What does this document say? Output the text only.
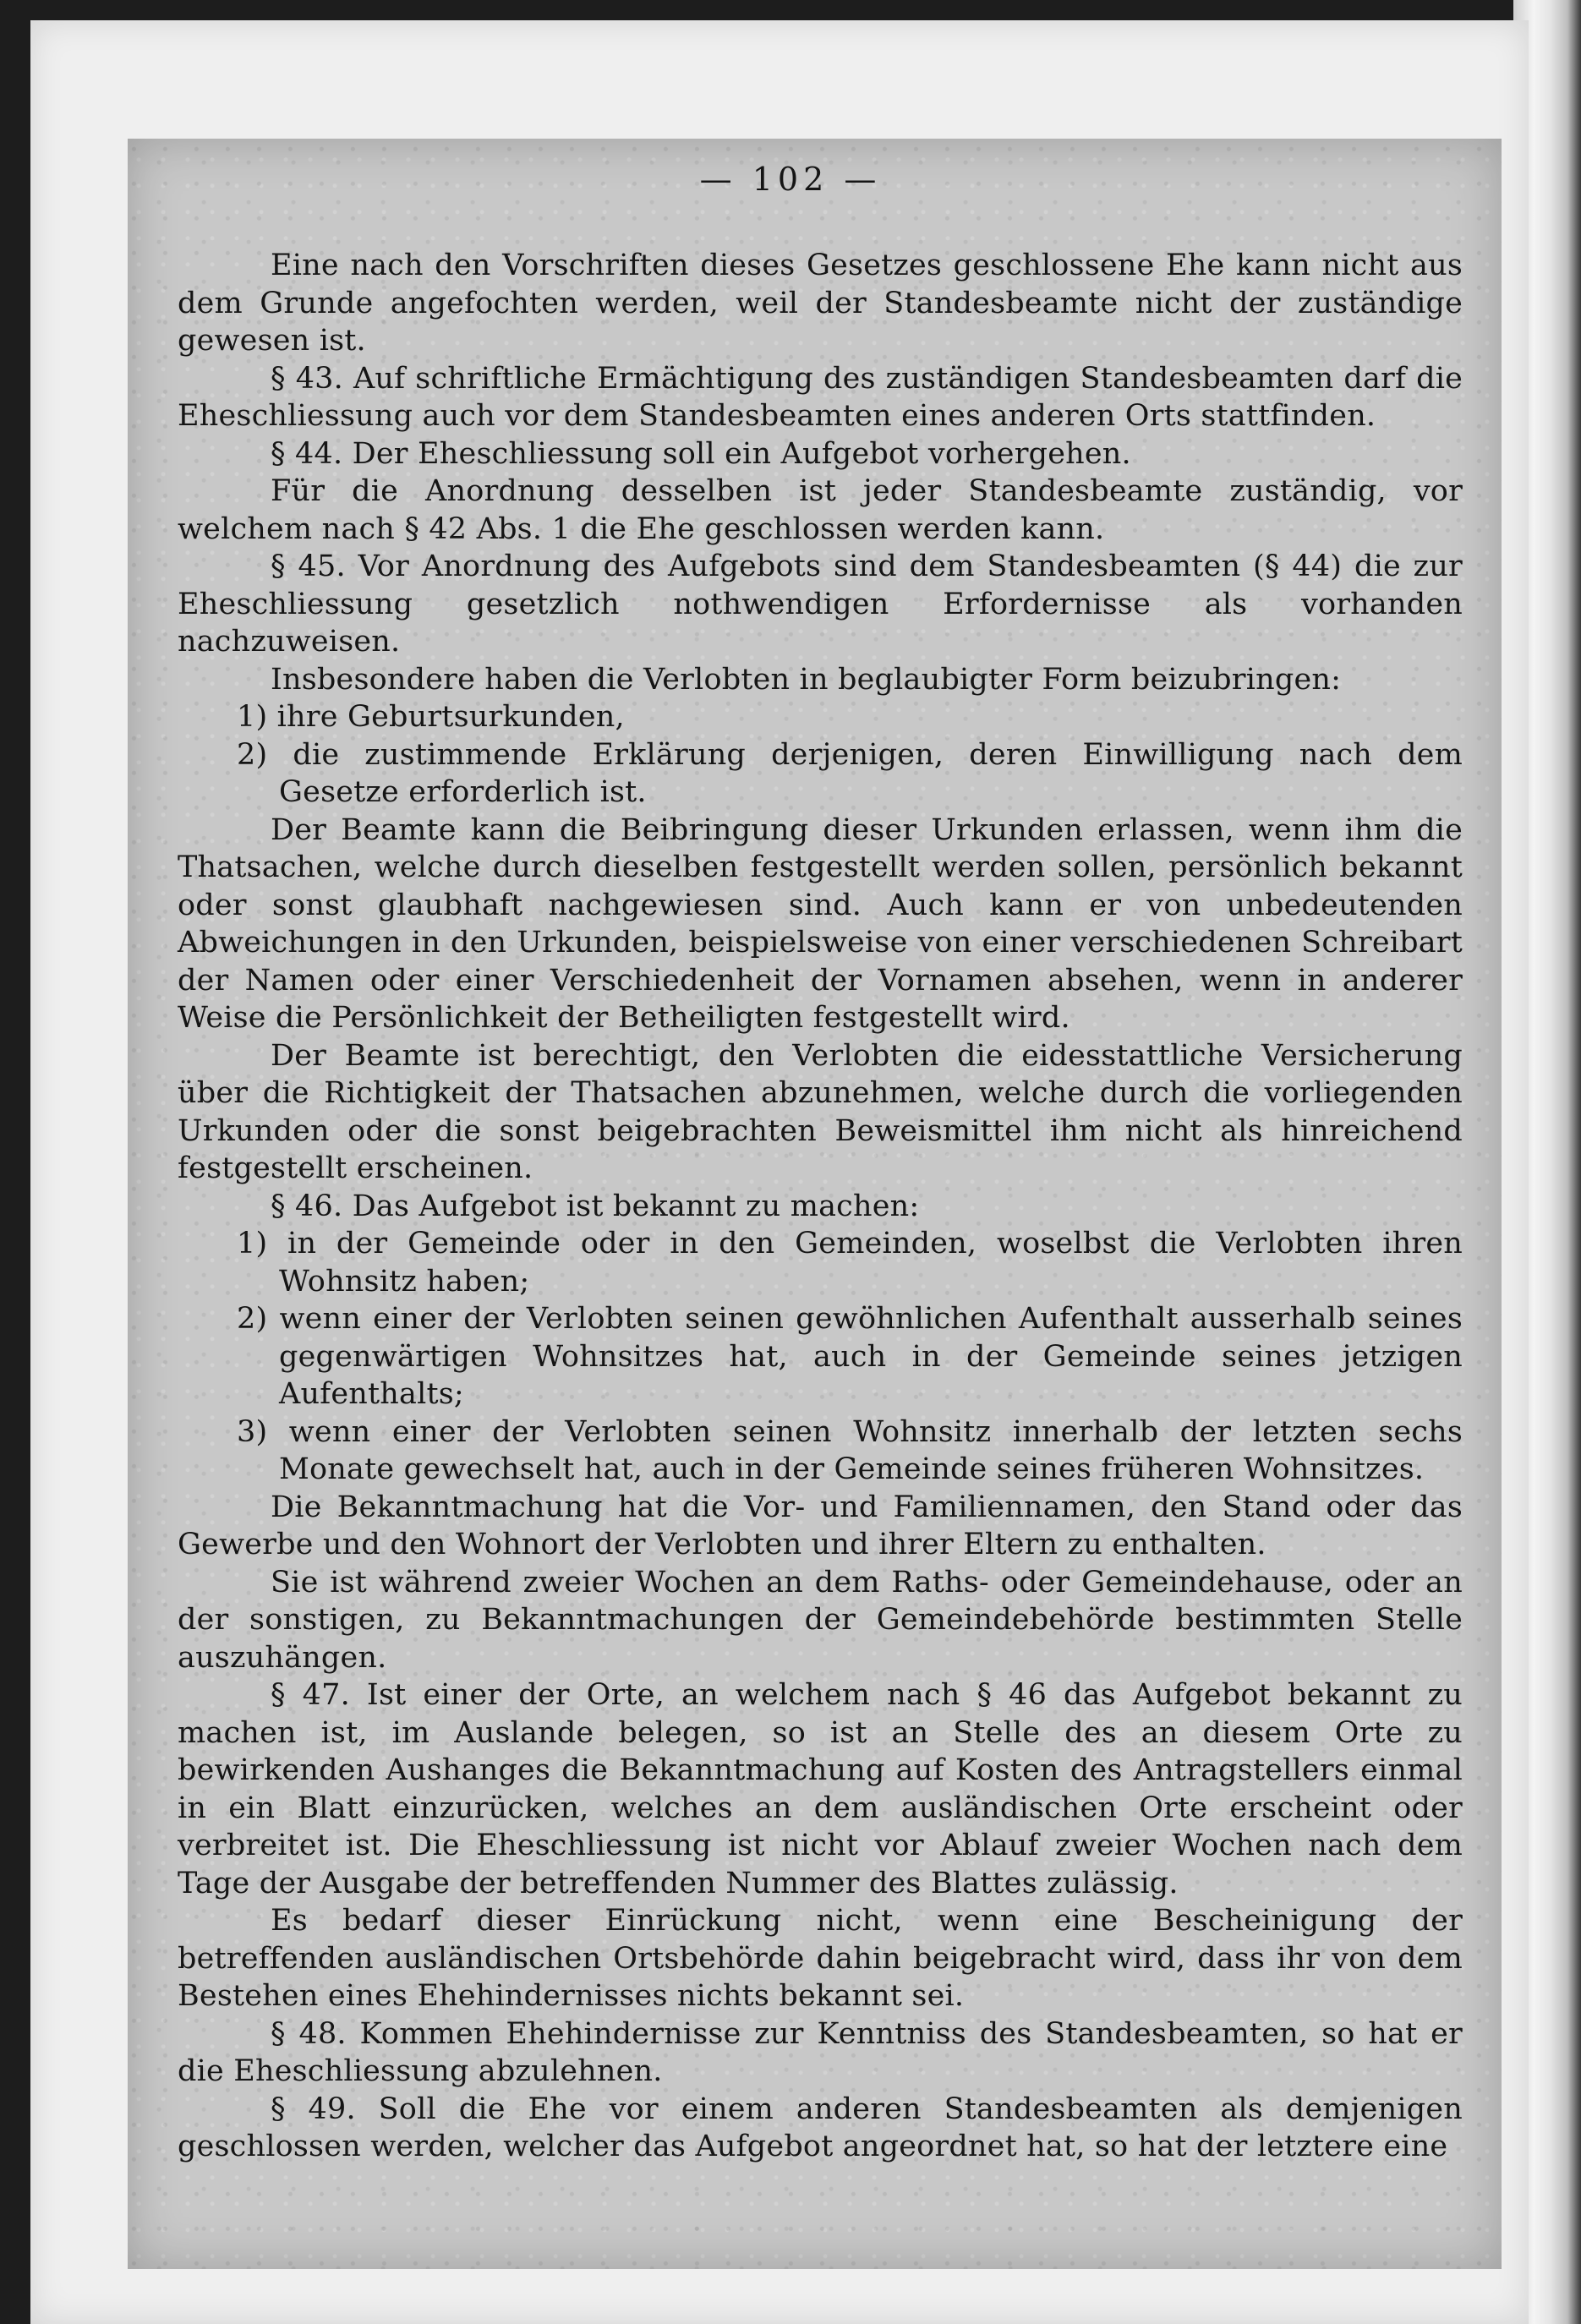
— 102 —

Eine nach den Vorschriften dieses Gesetzes geschlossene Ehe kann nicht aus dem Grunde angefochten werden, weil der Standesbeamte nicht der zuständige gewesen ist.

§ 43. Auf schriftliche Ermächtigung des zuständigen Standesbeamten darf die Eheschliessung auch vor dem Standesbeamten eines anderen Orts stattfinden.

§ 44. Der Eheschliessung soll ein Aufgebot vorhergehen.

Für die Anordnung desselben ist jeder Standesbeamte zuständig, vor welchem nach § 42 Abs. 1 die Ehe geschlossen werden kann.

§ 45. Vor Anordnung des Aufgebots sind dem Standesbeamten (§ 44) die zur Eheschliessung gesetzlich nothwendigen Erfordernisse als vorhanden nachzuweisen.

Insbesondere haben die Verlobten in beglaubigter Form beizubringen:

1) ihre Geburtsurkunden,

2) die zustimmende Erklärung derjenigen, deren Einwilligung nach dem Gesetze erforderlich ist.

Der Beamte kann die Beibringung dieser Urkunden erlassen, wenn ihm die Thatsachen, welche durch dieselben festgestellt werden sollen, persönlich bekannt oder sonst glaubhaft nachgewiesen sind. Auch kann er von unbedeutenden Abweichungen in den Urkunden, beispielsweise von einer verschiedenen Schreibart der Namen oder einer Verschiedenheit der Vornamen absehen, wenn in anderer Weise die Persönlichkeit der Betheiligten festgestellt wird.

Der Beamte ist berechtigt, den Verlobten die eidesstattliche Versicherung über die Richtigkeit der Thatsachen abzunehmen, welche durch die vorliegenden Urkunden oder die sonst beigebrachten Beweismittel ihm nicht als hinreichend festgestellt erscheinen.

§ 46. Das Aufgebot ist bekannt zu machen:

1) in der Gemeinde oder in den Gemeinden, woselbst die Verlobten ihren Wohnsitz haben;

2) wenn einer der Verlobten seinen gewöhnlichen Aufenthalt ausserhalb seines gegenwärtigen Wohnsitzes hat, auch in der Gemeinde seines jetzigen Aufenthalts;

3) wenn einer der Verlobten seinen Wohnsitz innerhalb der letzten sechs Monate gewechselt hat, auch in der Gemeinde seines früheren Wohnsitzes.

Die Bekanntmachung hat die Vor- und Familiennamen, den Stand oder das Gewerbe und den Wohnort der Verlobten und ihrer Eltern zu enthalten.

Sie ist während zweier Wochen an dem Raths- oder Gemeindehause, oder an der sonstigen, zu Bekanntmachungen der Gemeindebehörde bestimmten Stelle auszuhängen.

§ 47. Ist einer der Orte, an welchem nach § 46 das Aufgebot bekannt zu machen ist, im Auslande belegen, so ist an Stelle des an diesem Orte zu bewirkenden Aushanges die Bekanntmachung auf Kosten des Antragstellers einmal in ein Blatt einzurücken, welches an dem ausländischen Orte erscheint oder verbreitet ist. Die Eheschliessung ist nicht vor Ablauf zweier Wochen nach dem Tage der Ausgabe der betreffenden Nummer des Blattes zulässig.

Es bedarf dieser Einrückung nicht, wenn eine Bescheinigung der betreffenden ausländischen Ortsbehörde dahin beigebracht wird, dass ihr von dem Bestehen eines Ehehindernisses nichts bekannt sei.

§ 48. Kommen Ehehindernisse zur Kenntniss des Standesbeamten, so hat er die Eheschliessung abzulehnen.

§ 49. Soll die Ehe vor einem anderen Standesbeamten als demjenigen geschlossen werden, welcher das Aufgebot angeordnet hat, so hat der letztere eine
